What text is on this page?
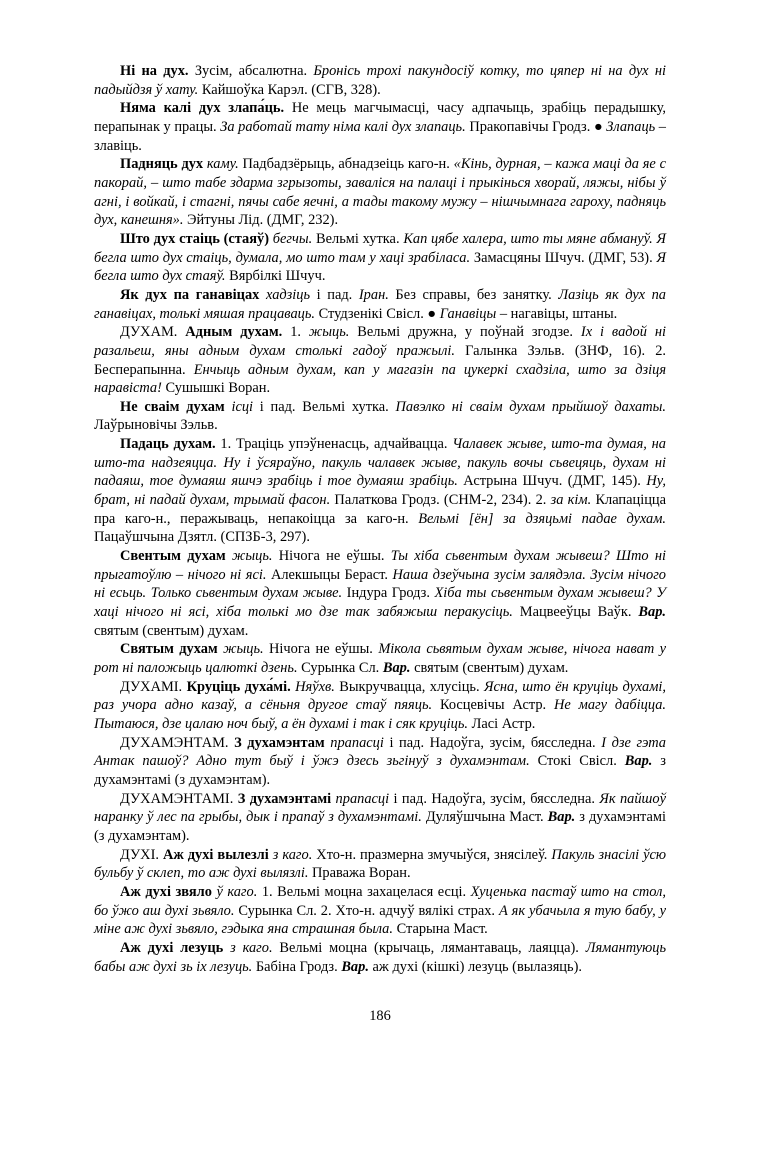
Ні на дух. Зусім, абсалютна. Бронісь трохі пакундосіў котку, то цяпер ні на дух ні падыйдзя ў хату. Кайшоўка Карэл. (СГВ, 328).

Няма калі дух злапа́ць. Не мець магчымасці, часу адпачыць, зрабіць перадышку, перапынак у працы. За работай тату німа калі дух злапаць. Пракопавічы Гродз. ● Злапаць – злавіць.

Падняць дух каму. Падбадзёрыць, абнадзеіць каго-н. «Кінь, дурная, – кажа маці да яе с пакорай, – што табе здарма згрызоты, заваліся на палаці і прыкінься хворай, ляжы, нібы ў агні, і войкай, і стагні, пячы сабе яечні, а тады такому мужу – нішчымнага гароху, падняць дух, канешня». Эйтуны Лід. (ДМГ, 232).

Што дух стаіць (стаяў) бегчы. Вельмі хутка. Кап цябе халера, што ты мяне абмануў. Я бегла што дух стаіць, думала, мо што там у хаці зрабілаcа. Замасцяны Шчуч. (ДМГ, 53). Я бегла што дух стаяў. Вярбілкі Шчуч.

Як дух па ганавіцах хадзіць і пад. Іран. Без справы, без занятку. Лазіць як дух па ганавіцах, толькі мяшая працаваць. Студзенікі Свісл. ● Ганавіцы – нагавіцы, штаны.

ДУХАМ. Адным духам. 1. жыць. Вельмі дружна, у поўнай згодзе. Іх і вадой ні разальеш, яны адным духам столькі гадоў пражылі. Галынка Зэльв. (ЗНФ, 16). 2. Бесперапынна. Енчыць адным духам, кап у магазін па цукеркі схадзіла, што за дзіця наравіста! Сушышкі Воран.

Не сваім духам ісці і пад. Вельмі хутка. Павэлко ні сваім духам прыйшоў дахаты. Лаўрыновічы Зэльв.

Падаць духам. 1. Траціць упэўненасць, адчайвацца. Чалавек жыве, што-та думая, на што-та надзеяцца. Ну і ўсяраўно, пакуль чалавек жыве, пакуль вочы сьвецяць, духам ні падаяш, тое думаяш яшчэ зрабіць і тое думаяш зрабіць. Астрына Шчуч. (ДМГ, 145). Ну, брат, ні падай духам, трымай фасон. Палаткова Гродз. (СНМ-2, 234). 2. за кім. Клапаціцца пра каго-н., перажываць, непакоіцца за каго-н. Вельмі [ён] за дзяцьмі падае духам. Пацаўшчына Дзятл. (СПЗБ-3, 297).

Свентым духам жыць. Нічога не еўшы. Ты хіба сьвентым духам жывеш? Што ні прыгатоўлю – нічого ні ясі. Алекшыцы Бераст. Наша дзеўчына зусім залядэла. Зусім нічого ні есьць. Только сьвентым духам жыве. Індура Гродз. Хіба ты сьвентым духам жывеш? У хаці нічого ні ясі, хіба толькі мо дзе так забяжыш перакусіць. Мацвееўцы Ваўк. Вар. святым (свентым) духам.

Святым духам жыць. Нічога не еўшы. Мікола сьвятым духам жыве, нічога нават у рот ні паложыць цалюткі дзень. Сурынка Сл. Вар. святым (свентым) духам.

ДУХАМІ. Круціць духа́мі. Няўхв. Выкручвацца, хлусіць. Ясна, што ён круціць духамі, раз учора адно казаў, а сёньня другое стаў пяяць. Косцевічы Астр. Не магу дабіцца. Пытаюся, дзе цалаю ноч быў, а ён духамі і так і сяк круціць. Ласі Астр.

ДУХАМЭНТАМ. З духамэнтам прапасці і пад. Надоўга, зусім, бясследна. І дзе гэта Антак пашоў? Адно тут быў і ўжэ дзесь зьгінуў з духамэнтам. Стокі Свісл. Вар. з духамэнтамі (з духамэнтам).

ДУХАМЭНТАМІ. З духамэнтамі прапасці і пад. Надоўга, зусім, бясследна. Як пайшоў наранку ў лес па грыбы, дык і прапаў з духамэнтамі. Дуляўшчына Маст. Вар. з духамэнтамі (з духамэнтам).

ДУХІ. Аж духі вылезлі з каго. Хто-н. празмерна змучыўся, знясілеў. Пакуль знасілі ўсю бульбу ў склеп, то аж духі вылязлі. Праважа Воран.

Аж духі звяло ў каго. 1. Вельмі моцна захацелася есці. Хуценька пастаў што на стол, бо ўжо аш духі зьвяло. Сурынка Сл. 2. Хто-н. адчуў вялікі страх. А як убачыла я тую бабу, у міне аж духі зьвяло, гэдыка яна страшная была. Старына Маст.

Аж духі лезуць з каго. Вельмі моцна (крычаць, лямантаваць, лаяцца). Лямантуюць бабы аж духі зь іх лезуць. Бабіна Гродз. Вар. аж духі (кішкі) лезуць (вылазяць).

186
